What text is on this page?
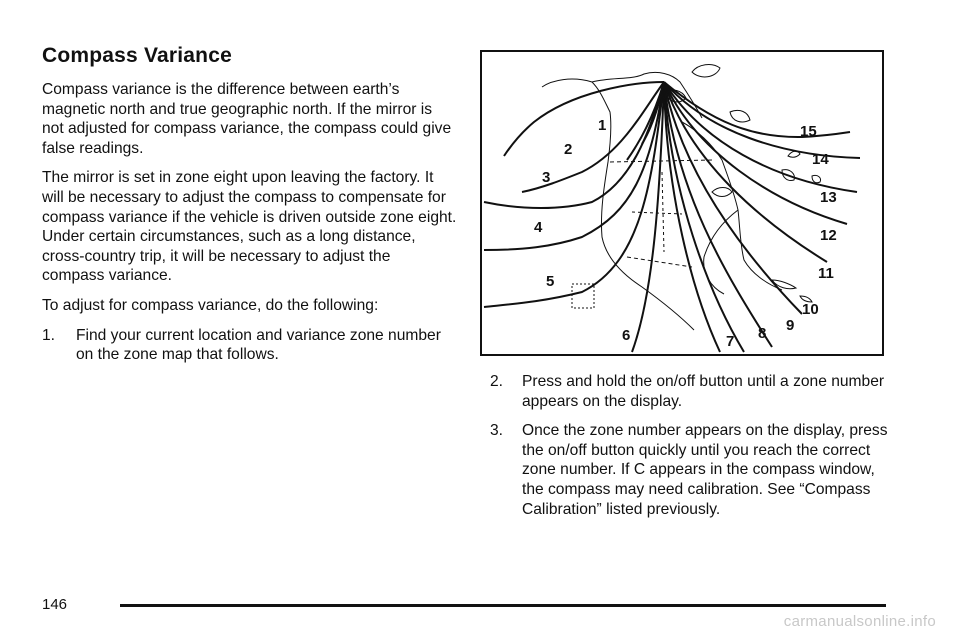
Compass Variance

Compass variance is the difference between earth’s magnetic north and true geographic north. If the mirror is not adjusted for compass variance, the compass could give false readings.

The mirror is set in zone eight upon leaving the factory. It will be necessary to adjust the compass to compensate for compass variance if the vehicle is driven outside zone eight. Under certain circumstances, such as a long distance, cross-country trip, it will be necessary to adjust the compass variance.

To adjust for compass variance, do the following:

1. Find your current location and variance zone number on the zone map that follows.
1
2
3
4
5
6	7 8 9
10
11
12
13
14
15
2. Press and hold the on/off button until a zone number appears on the display.
3. Once the zone number appears on the display, press the on/off button quickly until you reach the correct zone number. If C appears in the compass window, the compass may need calibration. See “Compass Calibration” listed previously.
146
carmanualsonline.info
